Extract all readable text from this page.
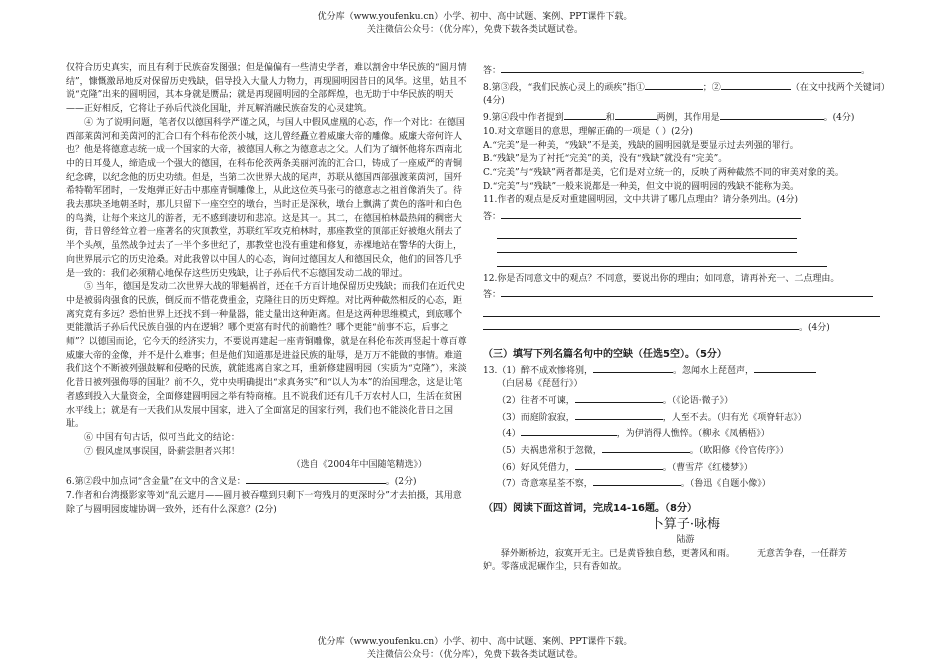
优分库（www.youfenku.cn）小学、初中、高中试题、案例、PPT课件下载。
关注微信公众号：（优分库），免费下载各类试题试卷。

仅符合历史真实，而且有利于民族奋发图强；但是偏偏有一些清史学者，难以割舍中华民族的“圆月情结”，慷慨激昂地反对保留历史残缺，倡导投入大量人力物力，再现圆明园昔日的风华。这里，姑且不说“克隆”出来的圆明园，其本身就是赝品；就是再现圆明园的全部辉煌，也无助于中华民族的明天——正好相反，它将让子孙后代淡化国耻，并瓦解消融民族奋发的心灵建筑。

④ 为了说明问题，笔者仅以德国科学严谨之风，与国人中假风虚凰的心态，作一个对比：在德国西部莱茵河和美茵河的汇合口有个科布伦茨小城，这儿曾经矗立着威廉大帝的雕像。威廉大帝何许人也？他是将德意志统一成一个国家的大帝，被德国人称之为德意志之父。人们为了缅怀他将东西南北中的日耳曼人，缔造成一个强大的德国，在科布伦茨两条美丽河流的汇合口，铸成了一座威严的青铜纪念碑，以纪念他的历史功绩。但是，当第二次世界大战的尾声，苏联从德国西部强渡莱茵河，国歼希特勒军团时，一发炮弹正好击中那座青铜雕像上，从此这位英马张弓的德意志之祖首像消失了。待我去那块圣地朝圣时，那儿只留下一座空空的墩台，当时正是深秋，墩台上飘满了黄色的落叶和白色的鸟粪，让每个来这儿的游者，无不感到凄切和悲凉。这是其一。其二，在德国柏林最热闹的稠密大街，昔日曾经耸立着一座著名的灾顶教堂，苏联红军攻克柏林时，那座教堂的顶部正好被炮火削去了半个头颅，虽然战争过去了一半个多世纪了，那教堂也没有重建和修复，赤裸地站在警华的大街上，向世界展示它的历史沧桑。对此我曾以中国人的心态，询问过德国友人和德国民众，他们的回答几乎是一致的：我们必须精心地保存这些历史残缺，让子孙后代不忘德国发动二战的罪过。

⑤ 当年，德国是发动二次世界大战的罪魁祸首，还在千方百计地保留历史残缺；而我们在近代史中是被弱肉强食的民族，倒反而不惜花费重金，克隆往日的历史辉煌。对比两种截然相反的心态，距离究竟有多远？恐怕世界上还找不到一种量器，能丈量出这种距离。但是这两种思维模式，到底哪个更能激活子孙后代民族自强的内在逻辑？哪个更富有时代的前瞻性？哪个更能“前事不忘，后事之师”？以德国而论，它今天的经济实力，不要说再建起一座青铜雕像，就是在科伦布茨再竖起十尊百尊威廉大帝的金像，并不是什么难事；但是他们知道那是进益民族的耻辱，是万万不能做的事情。难道我们这个不断被列强鼓解和侵略的民族，就能逃离自家之耳，重新修建圆明园（实质为“克隆”），来淡化昔日被列强侮辱的国耻？前不久，党中央明确提出“求真务实”和“以人为本”的治国理念，这是让笔者感到投入大量资金，全面修建圆明园之举有特商榷。且不说我们还有几千万农村人口，生活在贫困水平线上；就是有一天我们从发展中国家，进入了全面富足的国家行列，我们也不能淡化昔日之国耻。

⑥ 中国有句古话，似可当此文的结论：

⑦ 假风虚凤事误国，卧薪尝胆者兴邦！

（选自《2004年中国随笔精选》）

6.第②段中加点词“含金量”在文中的含义是：	。(2分)

7.作者和台湾摄影家等刘“乱云遮月——圆月被吞噬到只剩下一弯残月的更深时分”才去拍摄，其用意除了与圆明园废墟协调一致外，还有什么深意？(2分)

答：	。

8.第③段，“我们民族心灵上的顽疾”指①	；②	（在文中找两个关键词）(4分)

9.第④段中作者提到	和	两例，其作用是	。(4分)

10.对文章题目的意思，理解正确的一项是（ ）(2分)

A.“完美”是一种美，“残缺”不是美，残缺的圆明园就是要显示过去列强的罪行。

B.“残缺”是为了衬托“完美”的美，没有“残缺”就没有“完美”。

C.“完美”与“残缺”两者都是美，它们是对立统一的，反映了两种截然不同的审美对象的美。

D.“完美”与“残缺”一般来说都是一种美，但文中说的圆明园的残缺不能称为美。

11.作者的观点是反对重建圆明园，文中共讲了哪几点理由？请分条列出。(4分)

答：

12.你是否同意文中的观点？不同意，要说出你的理由；如同意，请再补充一、二点理由。

答：

。(4分)

（三）填写下列名篇名句中的空缺（任选5空）。（5分）

13.（1）醉不成欢惨将别，	。忽闻水上琵琶声，

（白居易《琵琶行》）

（2）往者不可谏，	。（《论语·微子》）

（3）而庭阶寂寂，	，人至不去。（归有光《项脊轩志》）

（4）	，为伊消得人憔悴。（柳永《凤栖梧》）

（5）夫祸患常积于忽微，	。（欧阳修《伶官传序》）

（6）好风凭借力，	。（曹雪芹《红楼梦》）

（7）奇意寒星荃不察，	。（鲁迅《自题小像》）

（四）阅读下面这首词，完成14-16题。（8分）

卜算子·咏梅

陆游

驿外断桥边，寂寞开无主。已是黄昏独自愁，更著风和雨。 无意苦争春，一任群芳

妒。零落成泥碾作尘，只有香如故。

优分库（www.youfenku.cn）小学、初中、高中试题、案例、PPT课件下载。
关注微信公众号：（优分库），免费下载各类试题试卷。
